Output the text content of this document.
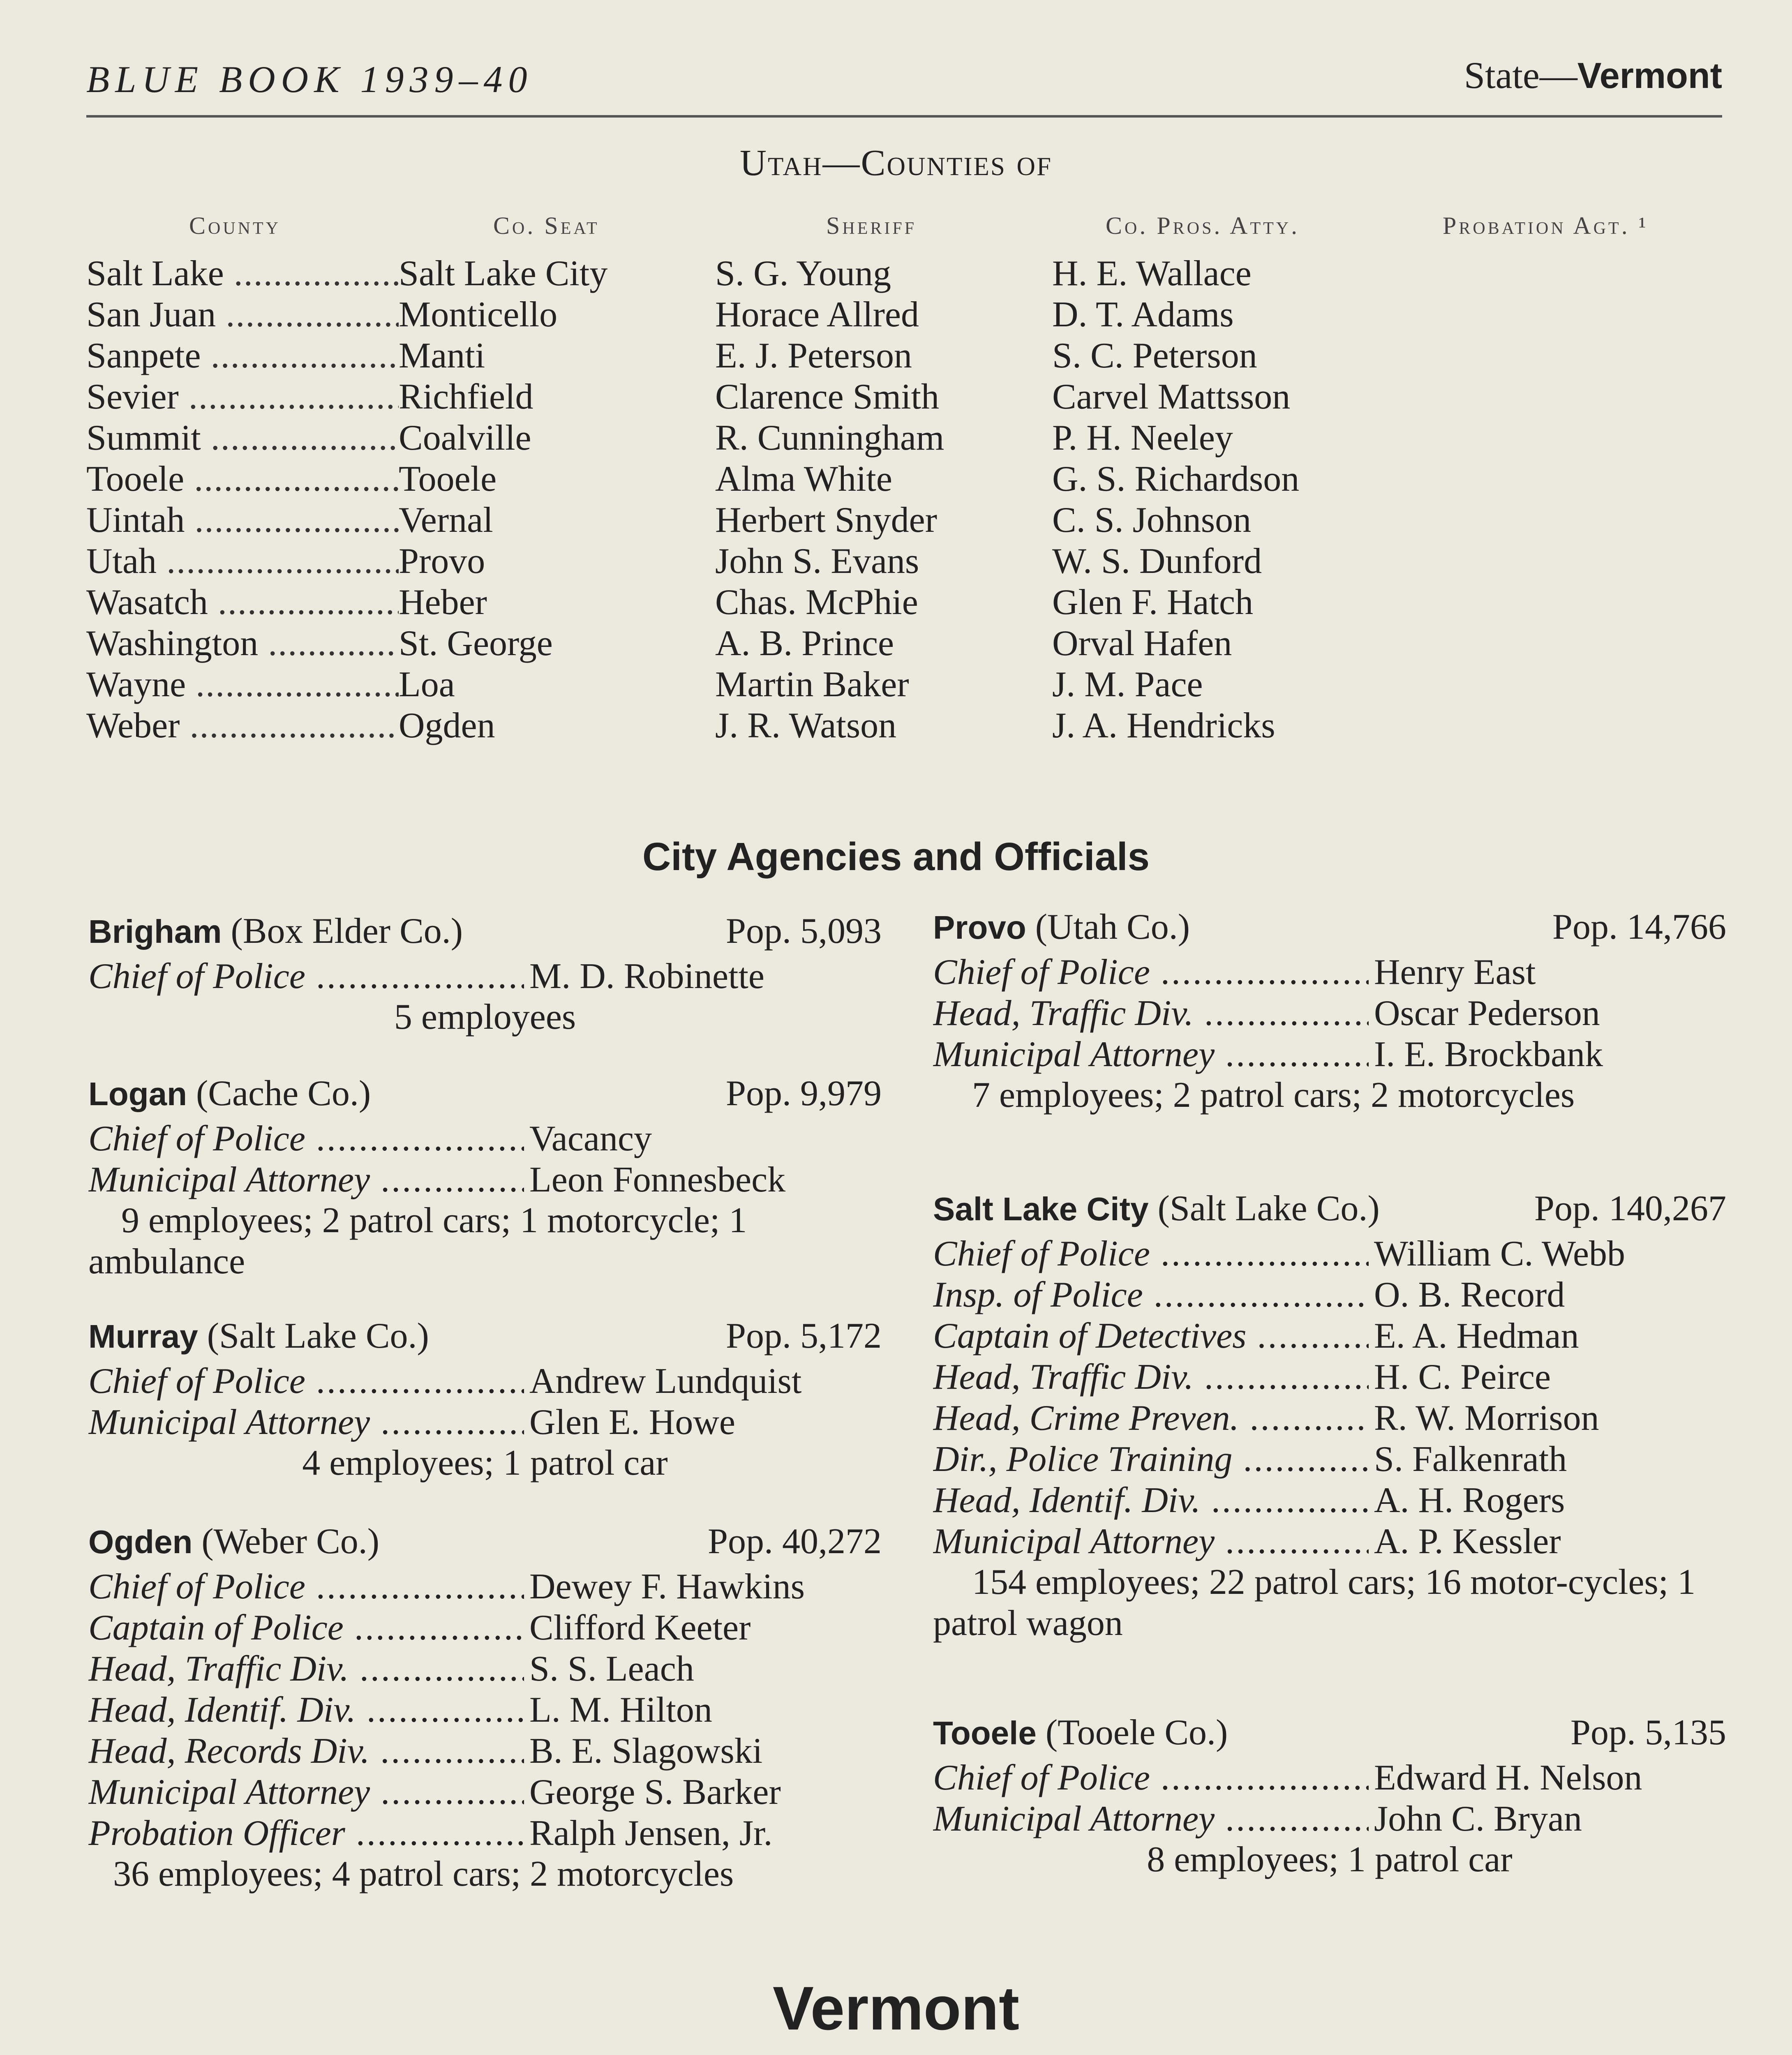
BLUE BOOK 1939–40	State—Vermont
Utah—Counties of
County	Co. Seat	Sheriff	Co. Pros. Atty.	Probation Agt. ¹
Salt Lake .....	Salt Lake City	S. G. Young	H. E. Wallace
San Juan .....	Monticello	Horace Allred	D. T. Adams
Sanpete .....	Manti	E. J. Peterson	S. C. Peterson
Sevier .....	Richfield	Clarence Smith	Carvel Mattsson
Summit .....	Coalville	R. Cunningham	P. H. Neeley
Tooele .....	Tooele	Alma White	G. S. Richardson
Uintah .....	Vernal	Herbert Snyder	C. S. Johnson
Utah .....	Provo	John S. Evans	W. S. Dunford
Wasatch .....	Heber	Chas. McPhie	Glen F. Hatch
Washington .....	St. George	A. B. Prince	Orval Hafen
Wayne .....	Loa	Martin Baker	J. M. Pace
Weber .....	Ogden	J. R. Watson	J. A. Hendricks
City Agencies and Officials
Brigham (Box Elder Co.)	Pop. 5,093
Chief of Police .....	M. D. Robinette
5 employees
Logan (Cache Co.)	Pop. 9,979
Chief of Police .....	Vacancy
Municipal Attorney .....	Leon Fonnesbeck
9 employees; 2 patrol cars; 1 motorcycle; 1 ambulance
Murray (Salt Lake Co.)	Pop. 5,172
Chief of Police .....	Andrew Lundquist
Municipal Attorney .....	Glen E. Howe
4 employees; 1 patrol car
Ogden (Weber Co.)	Pop. 40,272
Chief of Police .....	Dewey F. Hawkins
Captain of Police .....	Clifford Keeter
Head, Traffic Div. .....	S. S. Leach
Head, Identif. Div. .....	L. M. Hilton
Head, Records Div. .....	B. E. Slagowski
Municipal Attorney .....	George S. Barker
Probation Officer .....	Ralph Jensen, Jr.
36 employees; 4 patrol cars; 2 motorcycles
Provo (Utah Co.)	Pop. 14,766
Chief of Police .....	Henry East
Head, Traffic Div. .....	Oscar Pederson
Municipal Attorney .....	I. E. Brockbank
7 employees; 2 patrol cars; 2 motorcycles
Salt Lake City (Salt Lake Co.)	Pop. 140,267
Chief of Police .....	William C. Webb
Insp. of Police .....	O. B. Record
Captain of Detectives .....	E. A. Hedman
Head, Traffic Div. .....	H. C. Peirce
Head, Crime Preven. .....	R. W. Morrison
Dir., Police Training .....	S. Falkenrath
Head, Identif. Div. .....	A. H. Rogers
Municipal Attorney .....	A. P. Kessler
154 employees; 22 patrol cars; 16 motor-cycles; 1 patrol wagon
Tooele (Tooele Co.)	Pop. 5,135
Chief of Police .....	Edward H. Nelson
Municipal Attorney .....	John C. Bryan
8 employees; 1 patrol car
Vermont
